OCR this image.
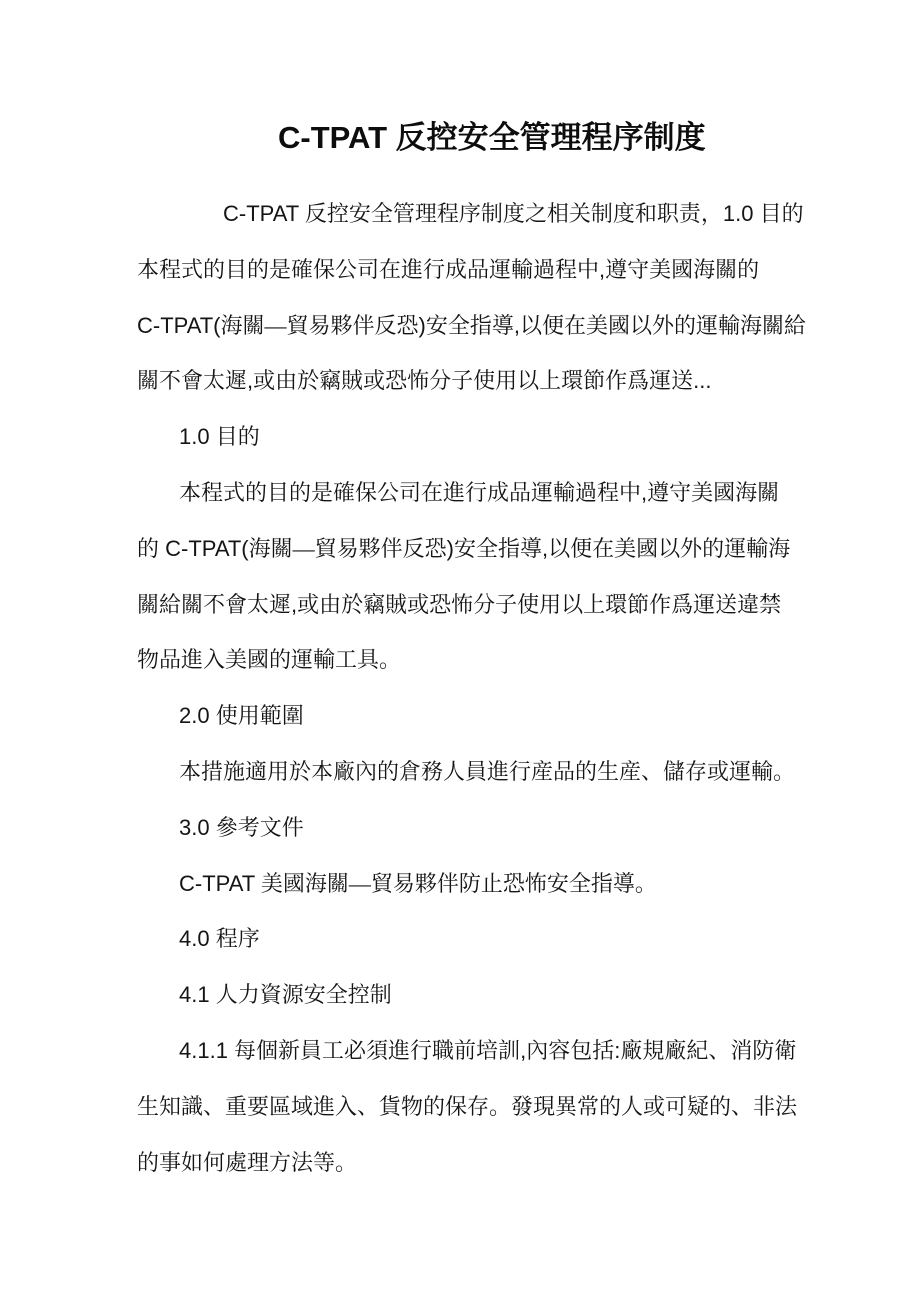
C-TPAT 反控安全管理程序制度
C-TPAT 反控安全管理程序制度之相关制度和职责，1.0 目的
本程式的目的是確保公司在進行成品運輸過程中,遵守美國海關的
C-TPAT(海關—貿易夥伴反恐)安全指導,以便在美國以外的運輸海關給
關不會太遲,或由於竊賊或恐怖分子使用以上環節作爲運送...
1.0 目的
本程式的目的是確保公司在進行成品運輸過程中,遵守美國海關
的 C-TPAT(海關—貿易夥伴反恐)安全指導,以便在美國以外的運輸海
關給關不會太遲,或由於竊賊或恐怖分子使用以上環節作爲運送違禁
物品進入美國的運輸工具。
2.0 使用範圍
本措施適用於本廠內的倉務人員進行産品的生産、儲存或運輸。
3.0 參考文件
C-TPAT 美國海關—貿易夥伴防止恐怖安全指導。
4.0 程序
4.1 人力資源安全控制
4.1.1 每個新員工必須進行職前培訓,內容包括:廠規廠紀、消防衛
生知識、重要區域進入、貨物的保存。發現異常的人或可疑的、非法
的事如何處理方法等。
